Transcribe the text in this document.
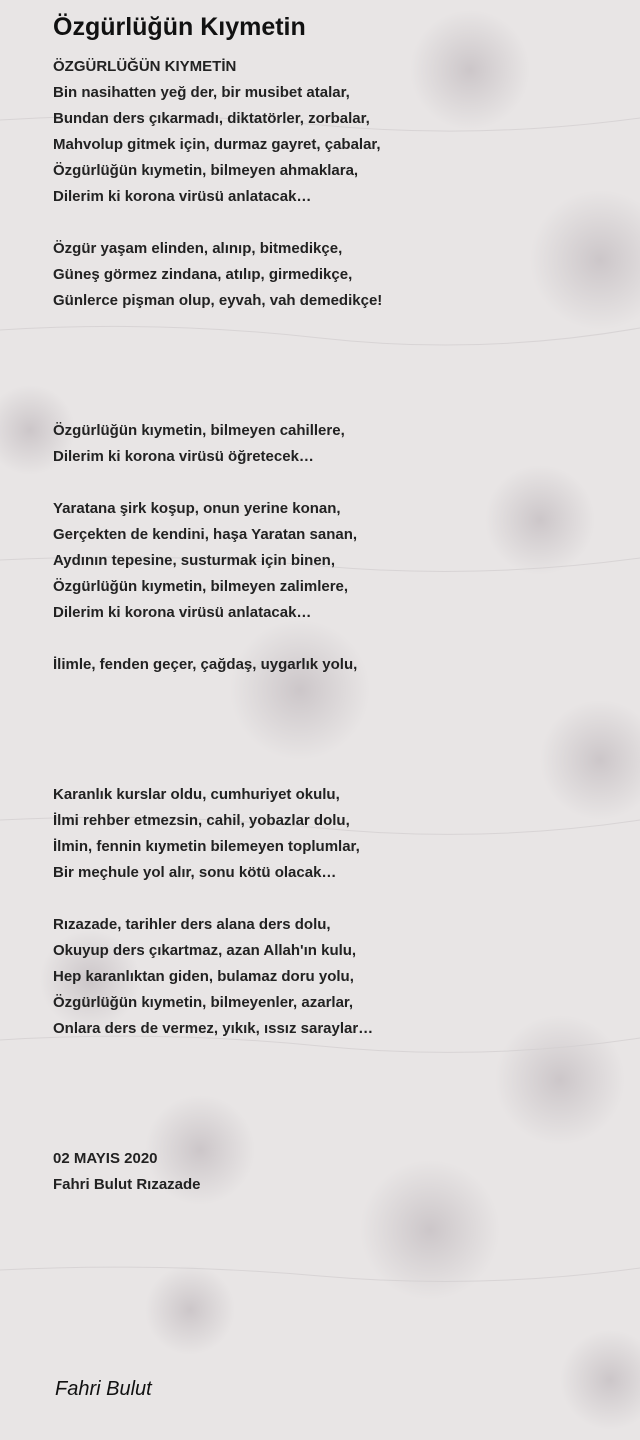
Özgürlüğün Kıymetin
ÖZGÜRLÜĞÜN KIYMETİN
Bin nasihatten yeğ der, bir musibet atalar,
Bundan ders çıkarmadı, diktatörler, zorbalar,
Mahvolup gitmek için, durmaz gayret, çabalar,
Özgürlüğün kıymetin, bilmeyen ahmaklara,
Dilerim ki korona virüsü anlatacak…
Özgür yaşam elinden, alınıp, bitmedikçe,
Güneş görmez zindana, atılıp, girmedikçe,
Günlerce pişman olup, eyvah, vah demedikçe!
Özgürlüğün kıymetin, bilmeyen cahillere,
Dilerim ki korona virüsü öğretecek…
Yaratana şirk koşup, onun yerine konan,
Gerçekten de kendini, haşa Yaratan sanan,
Aydının tepesine, susturmak için binen,
Özgürlüğün kıymetin, bilmeyen zalimlere,
Dilerim ki korona virüsü anlatacak…
İlimle, fenden geçer, çağdaş, uygarlık yolu,
Karanlık kurslar oldu, cumhuriyet okulu,
İlmi rehber etmezsin, cahil, yobazlar dolu,
İlmin, fennin kıymetin bilemeyen toplumlar,
Bir meçhule yol alır, sonu kötü olacak…
Rızazade, tarihler ders alana ders dolu,
Okuyup ders çıkartmaz, azan Allah'ın kulu,
Hep karanlıktan giden, bulamaz doru yolu,
Özgürlüğün kıymetin, bilmeyenler, azarlar,
Onlara ders de vermez, yıkık, ıssız saraylar…
02 MAYIS 2020
Fahri Bulut Rızazade
Fahri Bulut
